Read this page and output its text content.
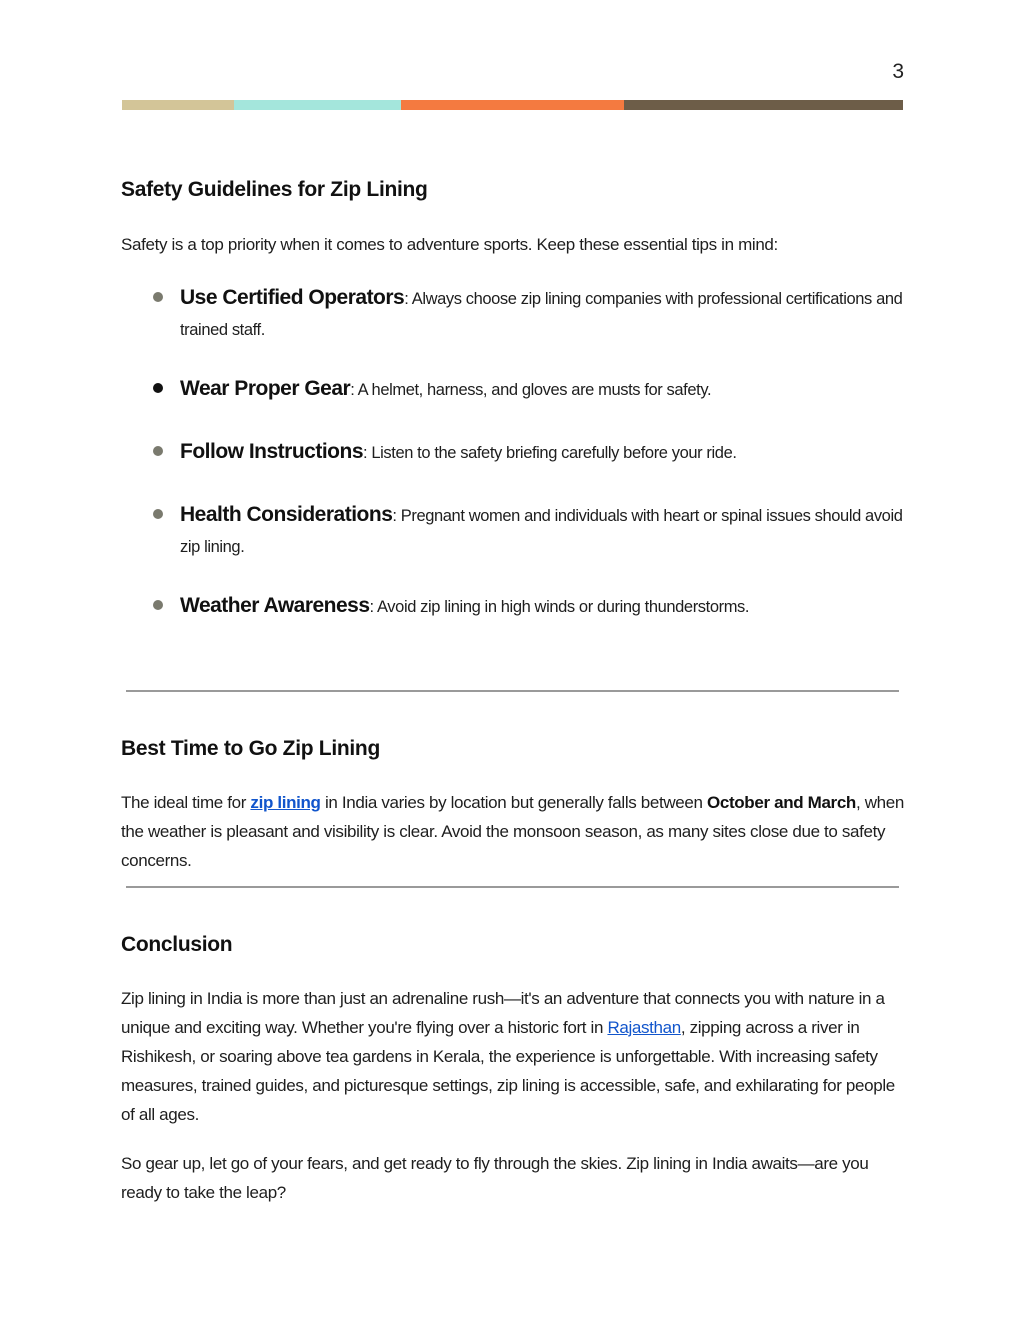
3
Safety Guidelines for Zip Lining

Safety is a top priority when it comes to adventure sports. Keep these essential tips in mind:

Use Certified Operators: Always choose zip lining companies with professional certifications and trained staff.
Wear Proper Gear: A helmet, harness, and gloves are musts for safety.
Follow Instructions: Listen to the safety briefing carefully before your ride.
Health Considerations: Pregnant women and individuals with heart or spinal issues should avoid zip lining.
Weather Awareness: Avoid zip lining in high winds or during thunderstorms.
Best Time to Go Zip Lining

The ideal time for zip lining in India varies by location but generally falls between October and March, when the weather is pleasant and visibility is clear. Avoid the monsoon season, as many sites close due to safety concerns.

Conclusion

Zip lining in India is more than just an adrenaline rush—it's an adventure that connects you with nature in a unique and exciting way. Whether you're flying over a historic fort in Rajasthan, zipping across a river in Rishikesh, or soaring above tea gardens in Kerala, the experience is unforgettable. With increasing safety measures, trained guides, and picturesque settings, zip lining is accessible, safe, and exhilarating for people of all ages.

So gear up, let go of your fears, and get ready to fly through the skies. Zip lining in India awaits—are you ready to take the leap?
